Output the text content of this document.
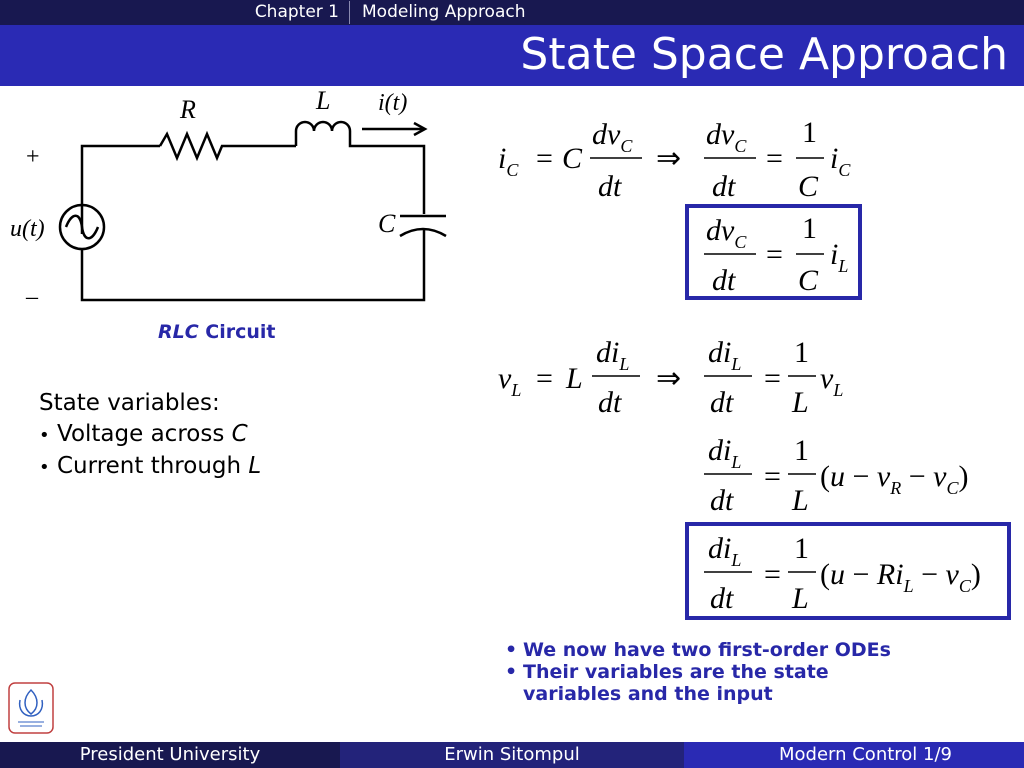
Chapter 1	Modeling Approach
State Space Approach
R	L i(t)
C
u(t)
+
–
RLC Circuit
State variables:
• Voltage across C
• Current through L
$i_C = C$
$dv_C$
dt
⇒
$dv_C$
dt
=
1
C
$i_C$
$dv_C$
dt
=
1
C
$i_L$
$v_L = L$
$di_L$
dt
⇒
$di_L$
dt
=
1
L
$v_L$
$di_L$
dt
=
1
L
$(u - v_R - v_C)$
$di_L$
dt
=
1
L
$(u - Ri_L - v_C)$
• We now have two first-order ODEs
• Their variables are the state variables and the input
President University	Erwin Sitompul	Modern Control 1/9
